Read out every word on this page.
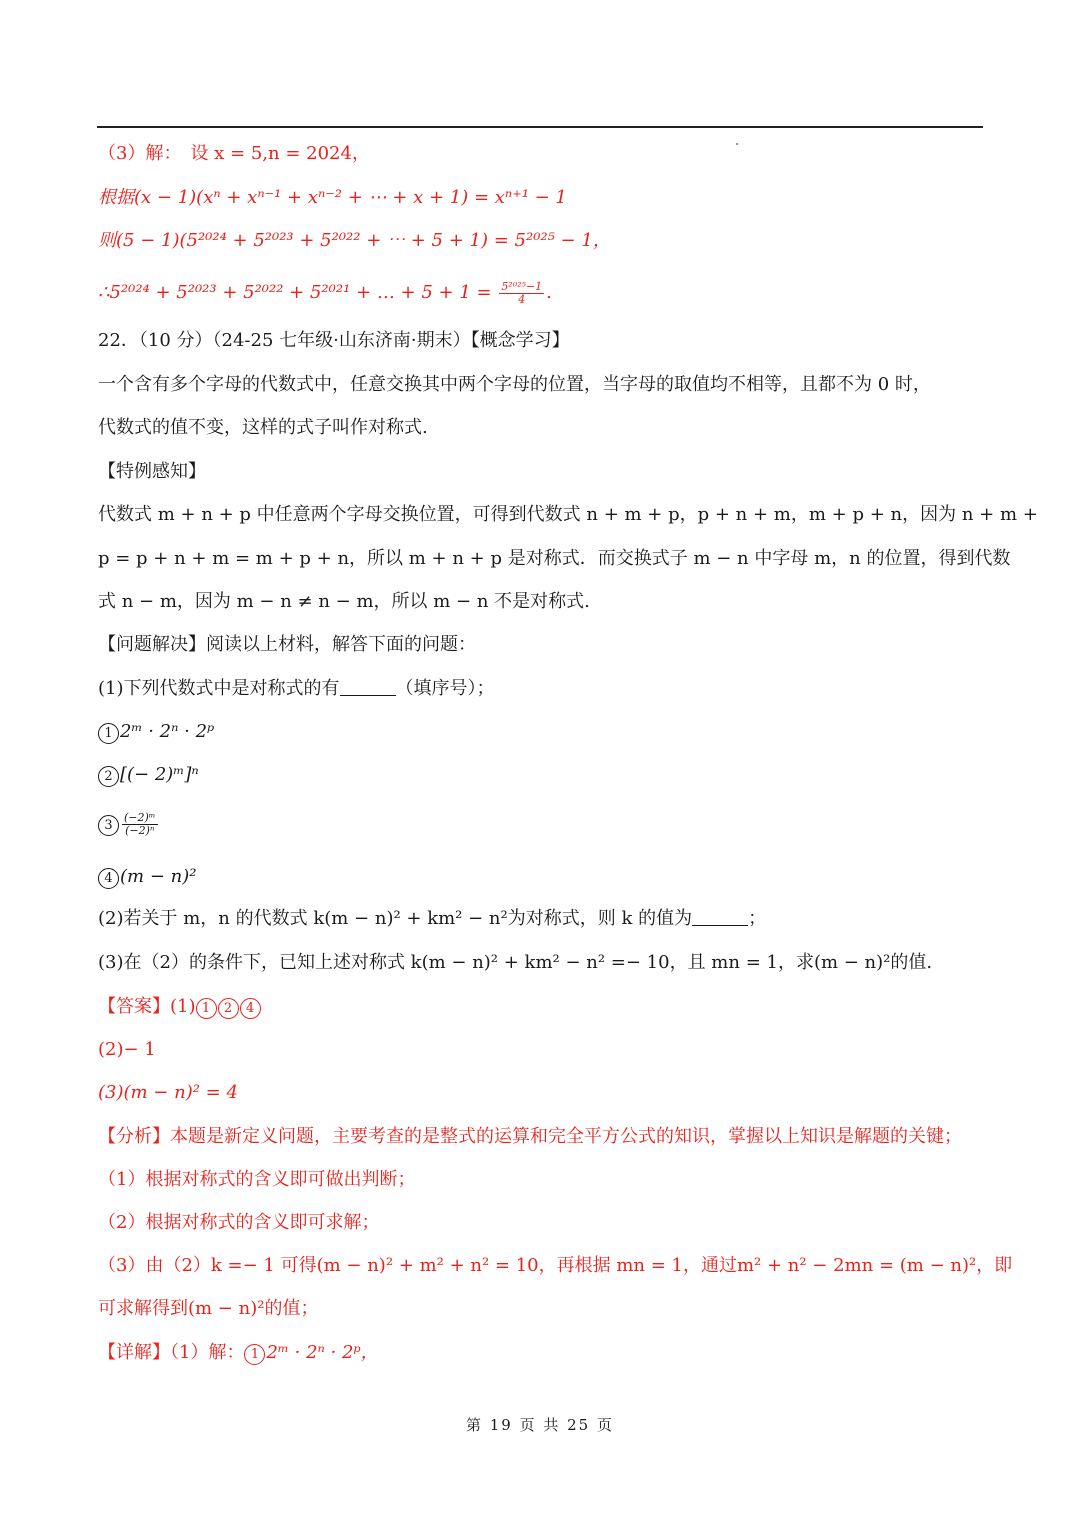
（3）解：　设 x = 5,n = 2024，
根据(x − 1)(xⁿ + xⁿ⁻¹ + xⁿ⁻² + ⋯ + x + 1) = xⁿ⁺¹ − 1
则(5 − 1)(5²⁰²⁴ + 5²⁰²³ + 5²⁰²² + ⋯ + 5 + 1) = 5²⁰²⁵ − 1，
∴5²⁰²⁴ + 5²⁰²³ + 5²⁰²² + 5²⁰²¹ + … + $5 + 1 = \frac{\text{5²⁰²⁵−1}}{4}$ .
22．（10 分）（24-25 七年级·山东济南·期末）【概念学习】
一个含有多个字母的代数式中，任意交换其中两个字母的位置，当字母的取值均不相等，且都不为 0 时，
代数式的值不变，这样的式子叫作对称式.
【特例感知】
代数式 m + n + p 中任意两个字母交换位置，可得到代数式 n + m + p，p + n + m，m + p + n，因为 n + m +
p = p + n + m = m + p + n，所以 m + n + p 是对称式．而交换式子 m − n 中字母 m，n 的位置，得到代数
式 n − m，因为 m − n ≠ n − m，所以 m − n 不是对称式.
【问题解决】阅读以上材料，解答下面的问题：
(1)下列代数式中是对称式的有	（填序号）；
1 2ᵐ · 2ⁿ · 2ᵖ
2 [(− 2)ᵐ]ⁿ
$3 \frac{\text{(−2)ᵐ}}{\text{(−2)ⁿ}}$
4 (m − n)²
(2)若关于 m，n 的代数式 k(m − n)² + km² − n²为对称式，则 k 的值为	；
(3)在（2）的条件下，已知上述对称式 k(m − n)² + km² − n² =− 10，且 mn = 1，求(m − n)²的值.
【答案】(1) 1 2 4
(2)− 1
(3)(m − n)² = 4
【分析】本题是新定义问题，主要考查的是整式的运算和完全平方公式的知识，掌握以上知识是解题的关键；
（1）根据对称式的含义即可做出判断；
（2）根据对称式的含义即可求解；
（3）由（2）k =− 1 可得(m − n)² + m² + n² = 10，再根据 mn = 1，通过m² + n² − 2mn = (m − n)²，即
可求解得到(m − n)²的值；
【详解】（1）解： 1 2ᵐ · 2ⁿ · 2ᵖ，
第 19 页 共 25 页
